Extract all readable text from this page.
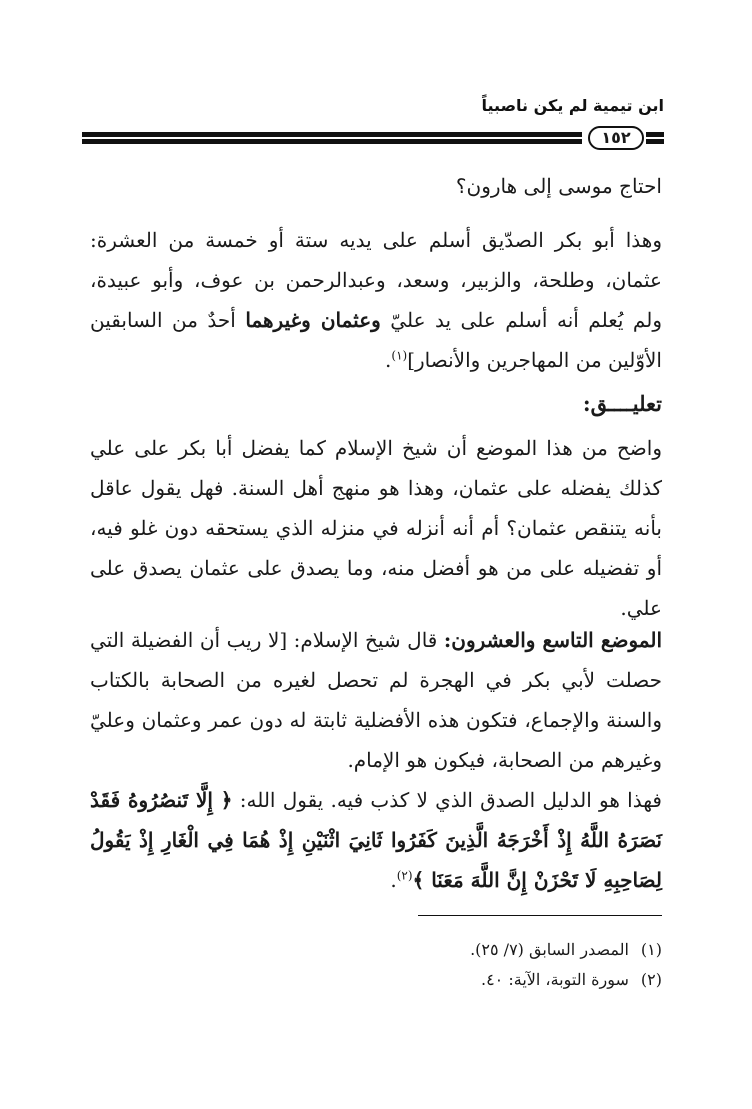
ابن تيمية لم يكن ناصبياً
١٥٢

احتاج موسى إلى هارون؟

وهذا أبو بكر الصدّيق أسلم على يديه ستة أو خمسة من العشرة: عثمان، وطلحة، والزبير، وسعد، وعبدالرحمن بن عوف، وأبو عبيدة، ولم يُعلم أنه أسلم على يد عليّ وعثمان وغيرهما أحدٌ من السابقين الأوّلين من المهاجرين والأنصار]$^{(١)}$.

تعليــــق:

واضح من هذا الموضع أن شيخ الإسلام كما يفضل أبا بكر على علي كذلك يفضله على عثمان، وهذا هو منهج أهل السنة. فهل يقول عاقل بأنه يتنقص عثمان؟ أم أنه أنزله في منزله الذي يستحقه دون غلو فيه، أو تفضيله على من هو أفضل منه، وما يصدق على عثمان يصدق على علي.

الموضع التاسع والعشرون: قال شيخ الإسلام: [لا ريب أن الفضيلة التي حصلت لأبي بكر في الهجرة لم تحصل لغيره من الصحابة بالكتاب والسنة والإجماع، فتكون هذه الأفضلية ثابتة له دون عمر وعثمان وعليّ وغيرهم من الصحابة، فيكون هو الإمام.

فهذا هو الدليل الصدق الذي لا كذب فيه. يقول الله: ﴿ إِلَّا تَنصُرُوهُ فَقَدْ نَصَرَهُ اللَّهُ إِذْ أَخْرَجَهُ الَّذِينَ كَفَرُوا ثَانِيَ اثْنَيْنِ إِذْ هُمَا فِي الْغَارِ إِذْ يَقُولُ لِصَاحِبِهِ لَا تَحْزَنْ إِنَّ اللَّهَ مَعَنَا ﴾$^{(٢)}$.

(١)المصدر السابق (٧/ ٢٥).
(٢)سورة التوبة، الآية: ٤٠.
